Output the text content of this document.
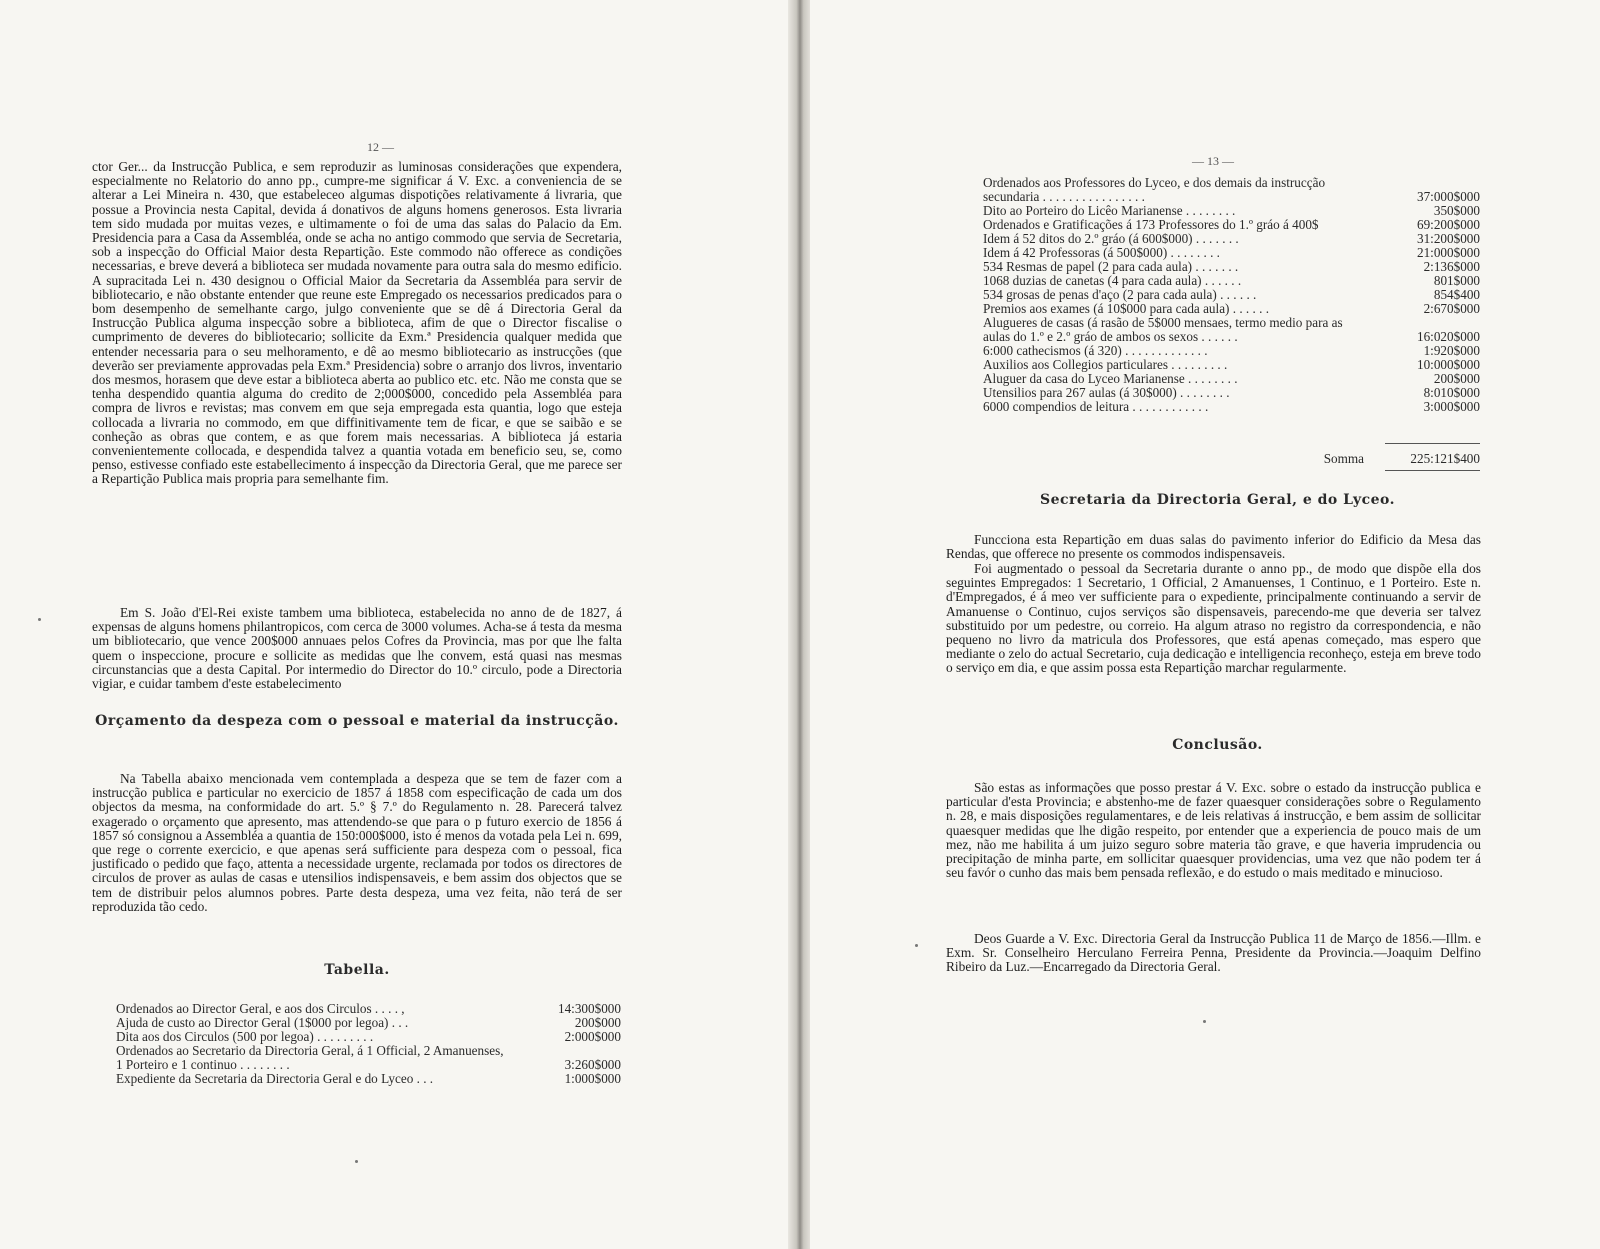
12 —
ctor Ger... da Instrucção Publica, e sem reproduzir as luminosas considerações que expendera, especialmente no Relatorio do anno pp., cumpre-me significar á V. Exc. a conveniencia de se alterar a Lei Mineira n. 430, que estabeleceo algumas dispotições relativamente á livraria, que possue a Provincia nesta Capital, devida á donativos de alguns homens generosos. Esta livraria tem sido mudada por muitas vezes, e ultimamente o foi de uma das salas do Palacio da Em. Presidencia para a Casa da Assembléa, onde se acha no antigo commodo que servia de Secretaria, sob a inspecção do Official Maior desta Repartição. Este commodo não offerece as condições necessarias, e breve deverá a biblioteca ser mudada novamente para outra sala do mesmo edificio. A supracitada Lei n. 430 designou o Official Maior da Secretaria da Assembléa para servir de bibliotecario, e não obstante entender que reune este Empregado os necessarios predicados para o bom desempenho de semelhante cargo, julgo conveniente que se dê á Directoria Geral da Instrucção Publica alguma inspecção sobre a biblioteca, afim de que o Director fiscalise o cumprimento de deveres do bibliotecario; sollicite da Exm.ª Presidencia qualquer medida que entender necessaria para o seu melhoramento, e dê ao mesmo bibliotecario as instrucções (que deverão ser previamente approvadas pela Exm.ª Presidencia) sobre o arranjo dos livros, inventario dos mesmos, horasem que deve estar a biblioteca aberta ao publico etc. etc. Não me consta que se tenha despendido quantia alguma do credito de 2;000$000, concedido pela Assembléa para compra de livros e revistas; mas convem em que seja empregada esta quantia, logo que esteja collocada a livraria no commodo, em que diffinitivamente tem de ficar, e que se saibão e se conheção as obras que contem, e as que forem mais necessarias. A biblioteca já estaria convenientemente collocada, e despendida talvez a quantia votada em beneficio seu, se, como penso, estivesse confiado este estabellecimento á inspecção da Directoria Geral, que me parece ser a Repartição Publica mais propria para semelhante fim.
Em S. João d'El-Rei existe tambem uma biblioteca, estabelecida no anno de de 1827, á expensas de alguns homens philantropicos, com cerca de 3000 volumes. Acha-se á testa da mesma um bibliotecario, que vence 200$000 annuaes pelos Cofres da Provincia, mas por que lhe falta quem o inspeccione, procure e sollicite as medidas que lhe convem, está quasi nas mesmas circunstancias que a desta Capital. Por intermedio do Director do 10.º circulo, pode a Directoria vigiar, e cuidar tambem d'este estabelecimento
Orçamento da despeza com o pessoal e material da instrucção.
Na Tabella abaixo mencionada vem contemplada a despeza que se tem de fazer com a instrucção publica e particular no exercicio de 1857 á 1858 com especificação de cada um dos objectos da mesma, na conformidade do art. 5.º § 7.º do Regulamento n. 28. Parecerá talvez exagerado o orçamento que apresento, mas attendendo-se que para o p futuro exercio de 1856 á 1857 só consignou a Assembléa a quantia de 150:000$000, isto é menos da votada pela Lei n. 699, que rege o corrente exercicio, e que apenas será sufficiente para despeza com o pessoal, fica justificado o pedido que faço, attenta a necessidade urgente, reclamada por todos os directores de circulos de prover as aulas de casas e utensilios indispensaveis, e bem assim dos objectos que se tem de distribuir pelos alumnos pobres. Parte desta despeza, uma vez feita, não terá de ser reproduzida tão cedo.
Tabella.
Ordenados ao Director Geral, e aos dos Circulos . . . . ,	14:300$000
Ajuda de custo ao Director Geral (1$000 por legoa) . . .	200$000
Dita aos dos Circulos (500 por legoa) . . . . . . . . .	2:000$000
Ordenados ao Secretario da Directoria Geral, á 1 Official, 2 Amanuenses, 1 Porteiro e 1 continuo . . . . . . . .	3:260$000
Expediente da Secretaria da Directoria Geral e do Lyceo . . .	1:000$000
— 13 —
Ordenados aos Professores do Lyceo, e dos demais da instrucção secundaria . . . . . . . . . . . . . . . .	37:000$000
Dito ao Porteiro do Licêo Marianense . . . . . . . .	350$000
Ordenados e Gratificações á 173 Professores do 1.º gráo á 400$	69:200$000
Idem á 52 ditos do 2.º gráo (á 600$000) . . . . . . .	31:200$000
Idem á 42 Professoras (á 500$000) . . . . . . . .	21:000$000
534 Resmas de papel (2 para cada aula) . . . . . . .	2:136$000
1068 duzias de canetas (4 para cada aula) . . . . . .	801$000
534 grosas de penas d'aço (2 para cada aula) . . . . . .	854$400
Premios aos exames (á 10$000 para cada aula) . . . . . .	2:670$000
Alugueres de casas (á rasão de 5$000 mensaes, termo medio para as aulas do 1.º e 2.º gráo de ambos os sexos . . . . . .	16:020$000
6:000 cathecismos (á 320) . . . . . . . . . . . . .	1:920$000
Auxilios aos Collegios particulares . . . . . . . . .	10:000$000
Aluguer da casa do Lyceo Marianense . . . . . . . .	200$000
Utensilios para 267 aulas (á 30$000) . . . . . . . .	8:010$000
6000 compendios de leitura . . . . . . . . . . . .	3:000$000
Somma	225:121$400
Secretaria da Directoria Geral, e do Lyceo.
Funcciona esta Repartição em duas salas do pavimento inferior do Edificio da Mesa das Rendas, que offerece no presente os commodos indispensaveis.
Foi augmentado o pessoal da Secretaria durante o anno pp., de modo que dispõe ella dos seguintes Empregados: 1 Secretario, 1 Official, 2 Amanuenses, 1 Continuo, e 1 Porteiro. Este n. d'Empregados, é á meo ver sufficiente para o expediente, principalmente continuando a servir de Amanuense o Continuo, cujos serviços são dispensaveis, parecendo-me que deveria ser talvez substituido por um pedestre, ou correio. Ha algum atraso no registro da correspondencia, e não pequeno no livro da matricula dos Professores, que está apenas começado, mas espero que mediante o zelo do actual Secretario, cuja dedicação e intelligencia reconheço, esteja em breve todo o serviço em dia, e que assim possa esta Repartição marchar regularmente.
Conclusão.
São estas as informações que posso prestar á V. Exc. sobre o estado da instrucção publica e particular d'esta Provincia; e abstenho-me de fazer quaesquer considerações sobre o Regulamento n. 28, e mais disposições regulamentares, e de leis relativas á instrucção, e bem assim de sollicitar quaesquer medidas que lhe digão respeito, por entender que a experiencia de pouco mais de um mez, não me habilita á um juizo seguro sobre materia tão grave, e que haveria imprudencia ou precipitação de minha parte, em sollicitar quaesquer providencias, uma vez que não podem ter á seu favór o cunho das mais bem pensada reflexão, e do estudo o mais meditado e minucioso.
Deos Guarde a V. Exc. Directoria Geral da Instrucção Publica 11 de Março de 1856.—Illm. e Exm. Sr. Conselheiro Herculano Ferreira Penna, Presidente da Provincia.—Joaquim Delfino Ribeiro da Luz.—Encarregado da Directoria Geral.
